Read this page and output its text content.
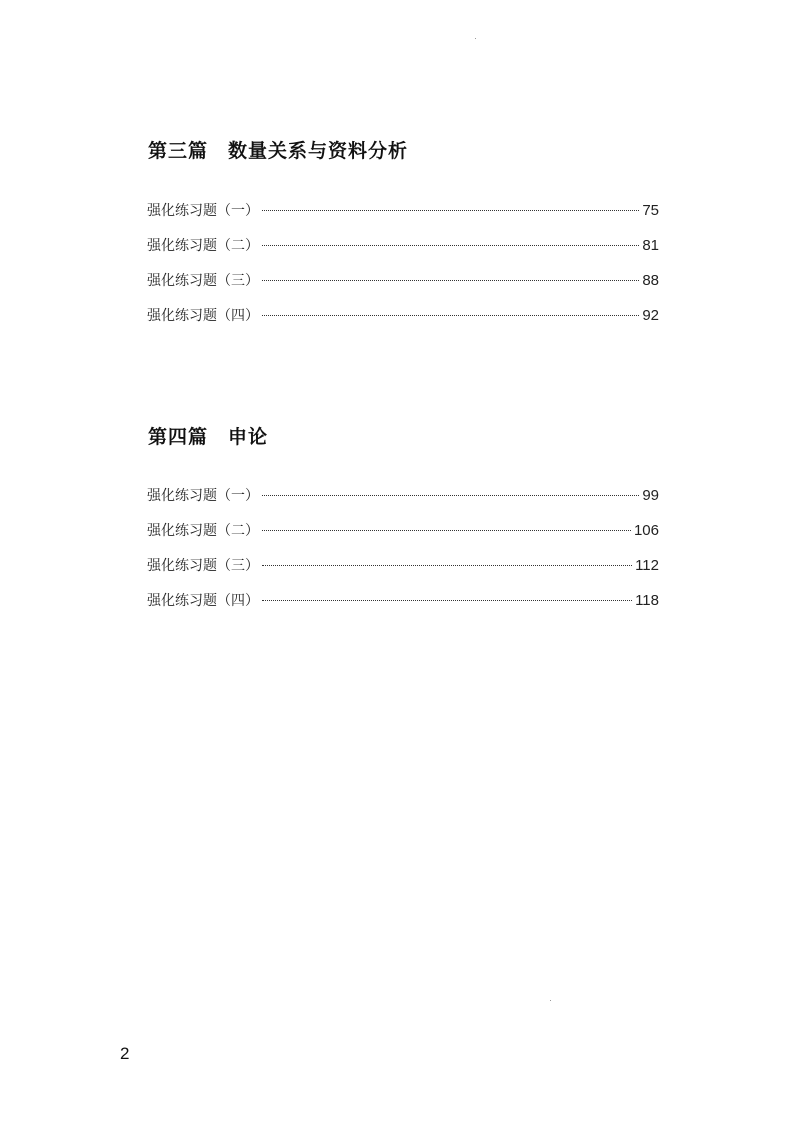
第三篇 数量关系与资料分析
强化练习题（一）	75
强化练习题（二）	81
强化练习题（三）	88
强化练习题（四）	92
第四篇 申论
强化练习题（一）	99
强化练习题（二）	106
强化练习题（三）	112
强化练习题（四）	118
2
